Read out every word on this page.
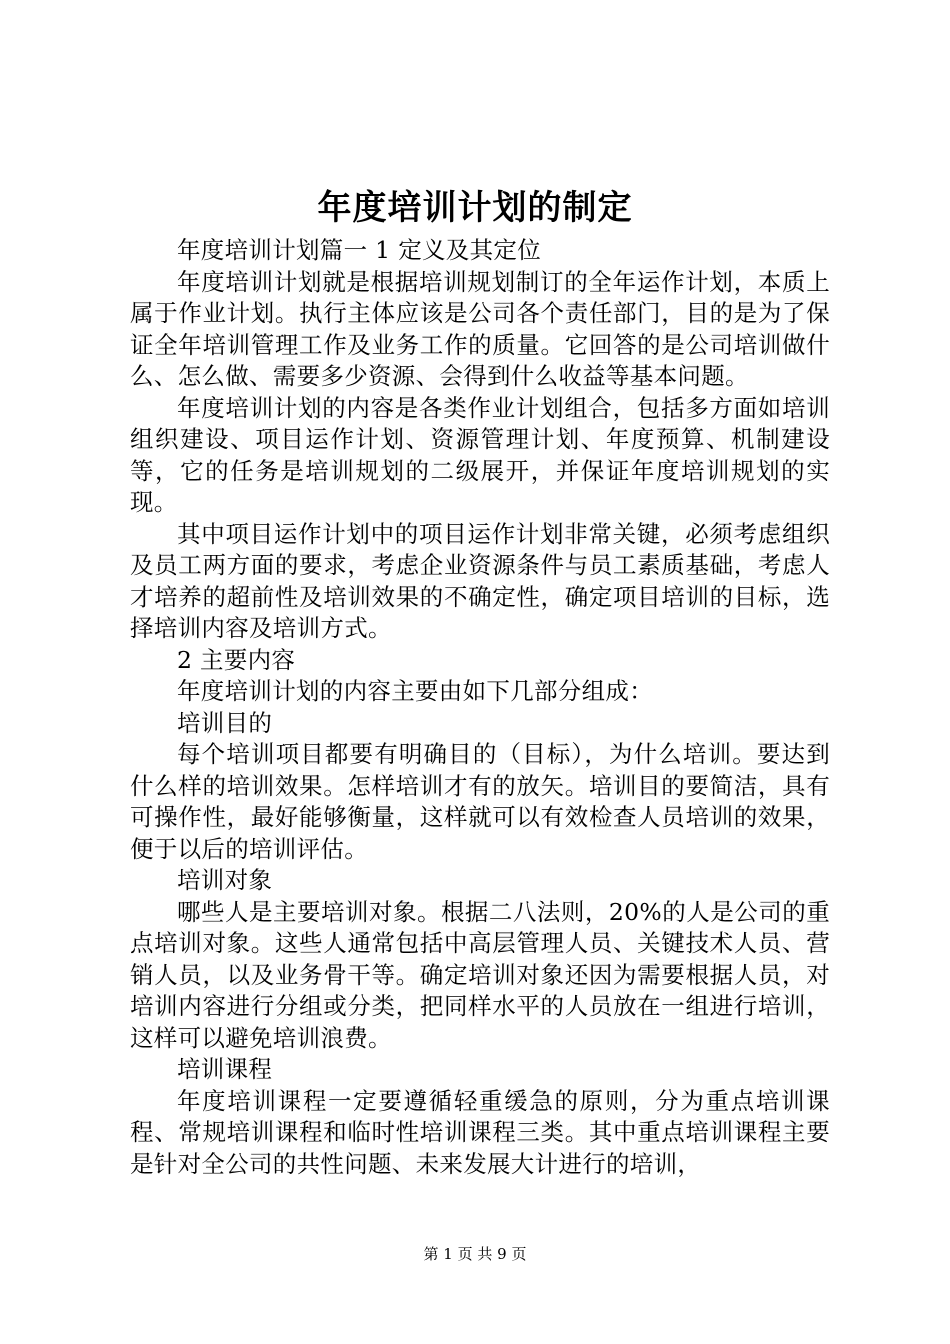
年度培训计划的制定

年度培训计划篇一 1 定义及其定位

年度培训计划就是根据培训规划制订的全年运作计划，本质上属于作业计划。执行主体应该是公司各个责任部门，目的是为了保证全年培训管理工作及业务工作的质量。它回答的是公司培训做什么、怎么做、需要多少资源、会得到什么收益等基本问题。

年度培训计划的内容是各类作业计划组合，包括多方面如培训组织建设、项目运作计划、资源管理计划、年度预算、机制建设等，它的任务是培训规划的二级展开，并保证年度培训规划的实现。

其中项目运作计划中的项目运作计划非常关键，必须考虑组织及员工两方面的要求，考虑企业资源条件与员工素质基础，考虑人才培养的超前性及培训效果的不确定性，确定项目培训的目标，选择培训内容及培训方式。

2 主要内容

年度培训计划的内容主要由如下几部分组成：

培训目的

每个培训项目都要有明确目的（目标），为什么培训。要达到什么样的培训效果。怎样培训才有的放矢。培训目的要简洁，具有可操作性，最好能够衡量，这样就可以有效检查人员培训的效果，便于以后的培训评估。

培训对象

哪些人是主要培训对象。根据二八法则，20%的人是公司的重点培训对象。这些人通常包括中高层管理人员、关键技术人员、营销人员，以及业务骨干等。确定培训对象还因为需要根据人员，对培训内容进行分组或分类，把同样水平的人员放在一组进行培训，这样可以避免培训浪费。

培训课程

年度培训课程一定要遵循轻重缓急的原则，分为重点培训课程、常规培训课程和临时性培训课程三类。其中重点培训课程主要是针对全公司的共性问题、未来发展大计进行的培训，

第 1 页 共 9 页
